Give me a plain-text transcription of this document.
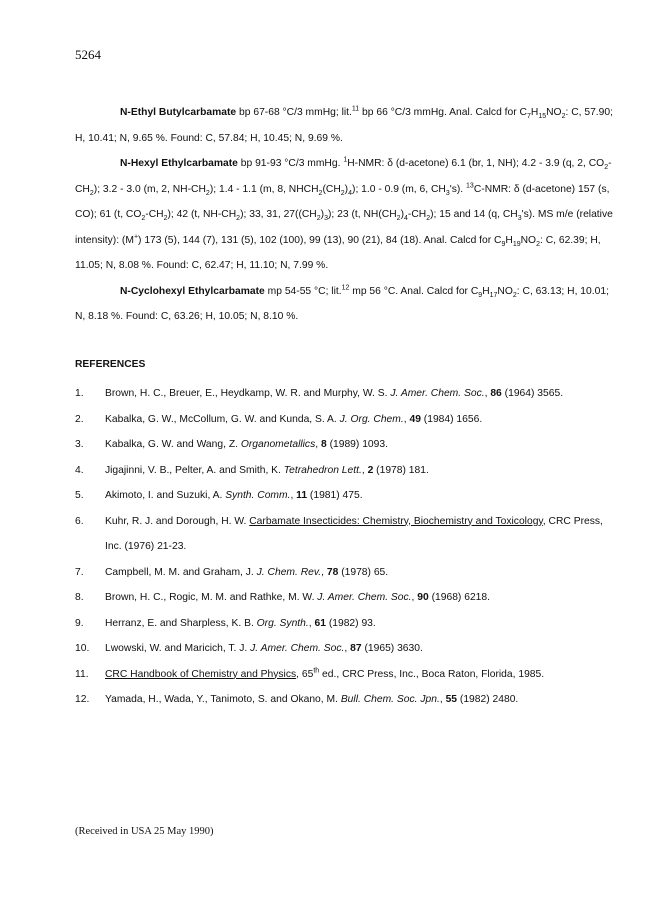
5264

N-Ethyl Butylcarbamate bp 67-68 °C/3 mmHg; lit.$^{11}$ bp 66 °C/3 mmHg. Anal. Calcd for $C_7H_{15}NO_2$: C, 57.90; H, 10.41; N, 9.65 %. Found: C, 57.84; H, 10.45; N, 9.69 %.

N-Hexyl Ethylcarbamate bp 91-93 °C/3 mmHg. $^1$H-NMR: δ (d-acetone) 6.1 (br, 1, NH); 4.2 - 3.9 (q, 2, $CO_2-CH_2$); 3.2 - 3.0 (m, 2, $NH-CH_2$); 1.4 - 1.1 (m, 8, $NHCH_2(CH_2)_4$); 1.0 - 0.9 (m, 6, $CH_3's$). $^{13}$C-NMR: δ (d-acetone) 157 (s, CO); 61 (t, $CO_2-CH_2$); 42 (t, $NH-CH_2$); 33, 31, $27((CH_2)_3)$; 23 (t, $NH(CH_2)_4-CH_2$); 15 and 14 (q, $CH_3's$). MS m/e (relative intensity): (M+) 173 (5), 144 (7), 131 (5), 102 (100), 99 (13), 90 (21), 84 (18). Anal. Calcd for $C_9H_{19}NO_2$: C, 62.39; H, 11.05; N, 8.08 %. Found: C, 62.47; H, 11.10; N, 7.99 %.

N-Cyclohexyl Ethylcarbamate mp 54-55 °C; lit.$^{12}$ mp 56 °C. Anal. Calcd for $C_9H_{17}NO_2$: C, 63.13; H, 10.01; N, 8.18 %. Found: C, 63.26; H, 10.05; N, 8.10 %.

REFERENCES

1.	Brown, H. C., Breuer, E., Heydkamp, W. R. and Murphy, W. S. J. Amer. Chem. Soc., 86 (1964) 3565.
2.	Kabalka, G. W., McCollum, G. W. and Kunda, S. A. J. Org. Chem., 49 (1984) 1656.
3.	Kabalka, G. W. and Wang, Z. Organometallics, 8 (1989) 1093.
4.	Jigajinni, V. B., Pelter, A. and Smith, K. Tetrahedron Lett., 2 (1978) 181.
5.	Akimoto, I. and Suzuki, A. Synth. Comm., 11 (1981) 475.
6.	Kuhr, R. J. and Dorough, H. W. Carbamate Insecticides: Chemistry, Biochemistry and Toxicology, CRC Press, Inc. (1976) 21-23.
7.	Campbell, M. M. and Graham, J. J. Chem. Rev., 78 (1978) 65.
8.	Brown, H. C., Rogic, M. M. and Rathke, M. W. J. Amer. Chem. Soc., 90 (1968) 6218.
9.	Herranz, E. and Sharpless, K. B. Org. Synth., 61 (1982) 93.
10.	Lwowski, W. and Maricich, T. J. J. Amer. Chem. Soc., 87 (1965) 3630.
11.	CRC Handbook of Chemistry and Physics, 65th ed., CRC Press, Inc., Boca Raton, Florida, 1985.
12.	Yamada, H., Wada, Y., Tanimoto, S. and Okano, M. Bull. Chem. Soc. Jpn., 55 (1982) 2480.
(Received in USA 25 May 1990)
